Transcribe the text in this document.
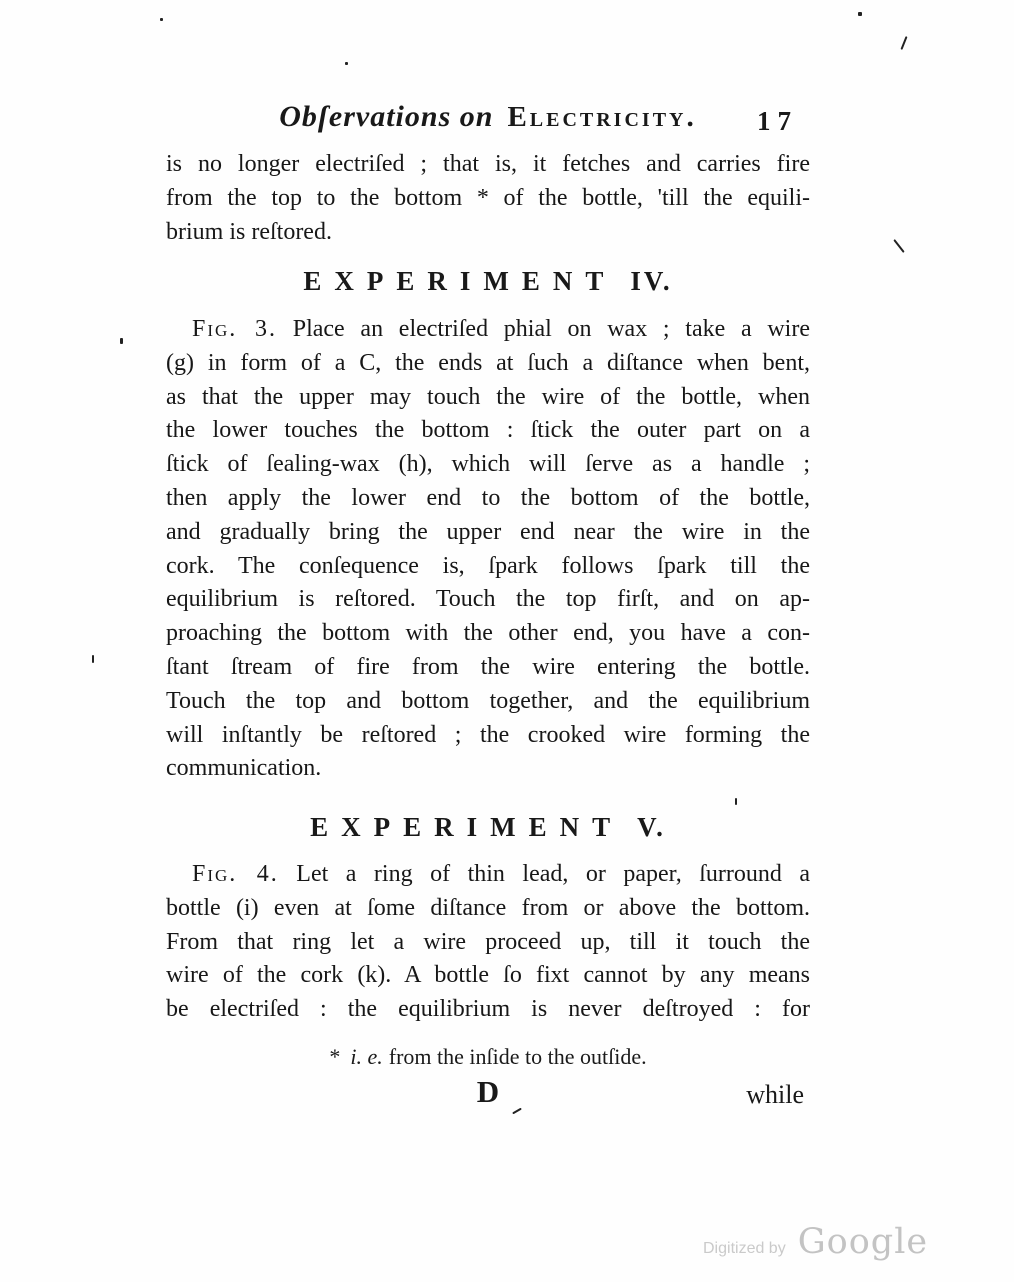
Obſervations on Electricity.	17
is no longer electriſed ; that is, it fetches and carries fire
from the top to the bottom * of the bottle, 'till the equili-
brium is reſtored.
EXPERIMENT IV.
Fig. 3. Place an electriſed phial on wax ; take a wire
(g) in form of a C, the ends at ſuch a diſtance when bent,
as that the upper may touch the wire of the bottle, when
the lower touches the bottom : ſtick the outer part on a
ſtick of ſealing-wax (h), which will ſerve as a handle ;
then apply the lower end to the bottom of the bottle,
and gradually bring the upper end near the wire in the
cork. The conſequence is, ſpark follows ſpark till the
equilibrium is reſtored. Touch the top firſt, and on ap-
proaching the bottom with the other end, you have a con-
ſtant ſtream of fire from the wire entering the bottle.
Touch the top and bottom together, and the equilibrium
will inſtantly be reſtored ; the crooked wire forming the
communication.
EXPERIMENT V.
Fig. 4. Let a ring of thin lead, or paper, ſurround a
bottle (i) even at ſome diſtance from or above the bottom.
From that ring let a wire proceed up, till it touch the
wire of the cork (k). A bottle ſo fixt cannot by any means
be electriſed : the equilibrium is never deſtroyed : for
* i. e. from the inſide to the outſide.
D	while
Digitized by Google
